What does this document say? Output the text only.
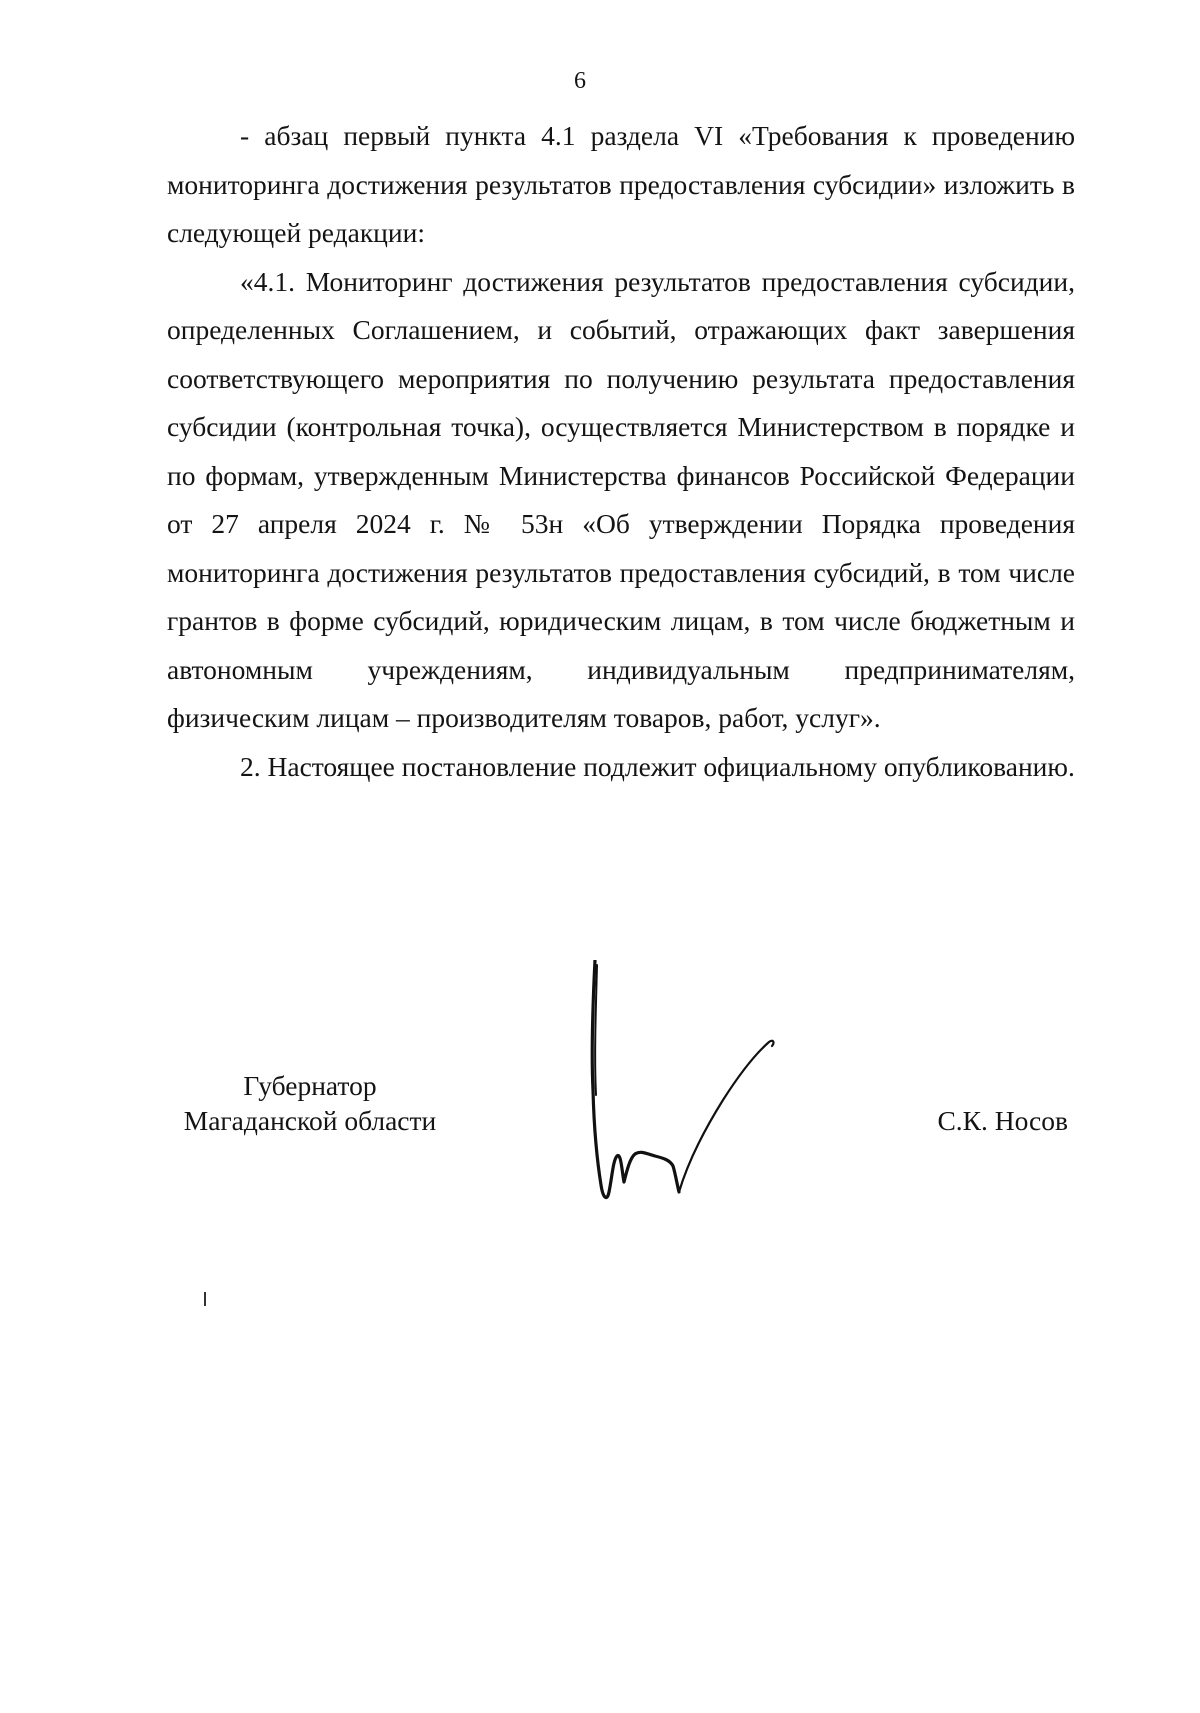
6

- абзац первый пункта 4.1 раздела VI «Требования к проведению мониторинга достижения результатов предоставления субсидии» изложить в следующей редакции:

«4.1. Мониторинг достижения результатов предоставления субсидии, определенных Соглашением, и событий, отражающих факт завершения соответствующего мероприятия по получению результата предоставления субсидии (контрольная точка), осуществляется Министерством в порядке и по формам, утвержденным Министерства финансов Российской Федерации от 27 апреля 2024 г. № 53н «Об утверждении Порядка проведения мониторинга достижения результатов предоставления субсидий, в том числе грантов в форме субсидий, юридическим лицам, в том числе бюджетным и автономным учреждениям, индивидуальным предпринимателям, физическим лицам – производителям товаров, работ, услуг».

2. Настоящее постановление подлежит официальному опубликованию.

Губернатор
Магаданской области	С.К. Носов
